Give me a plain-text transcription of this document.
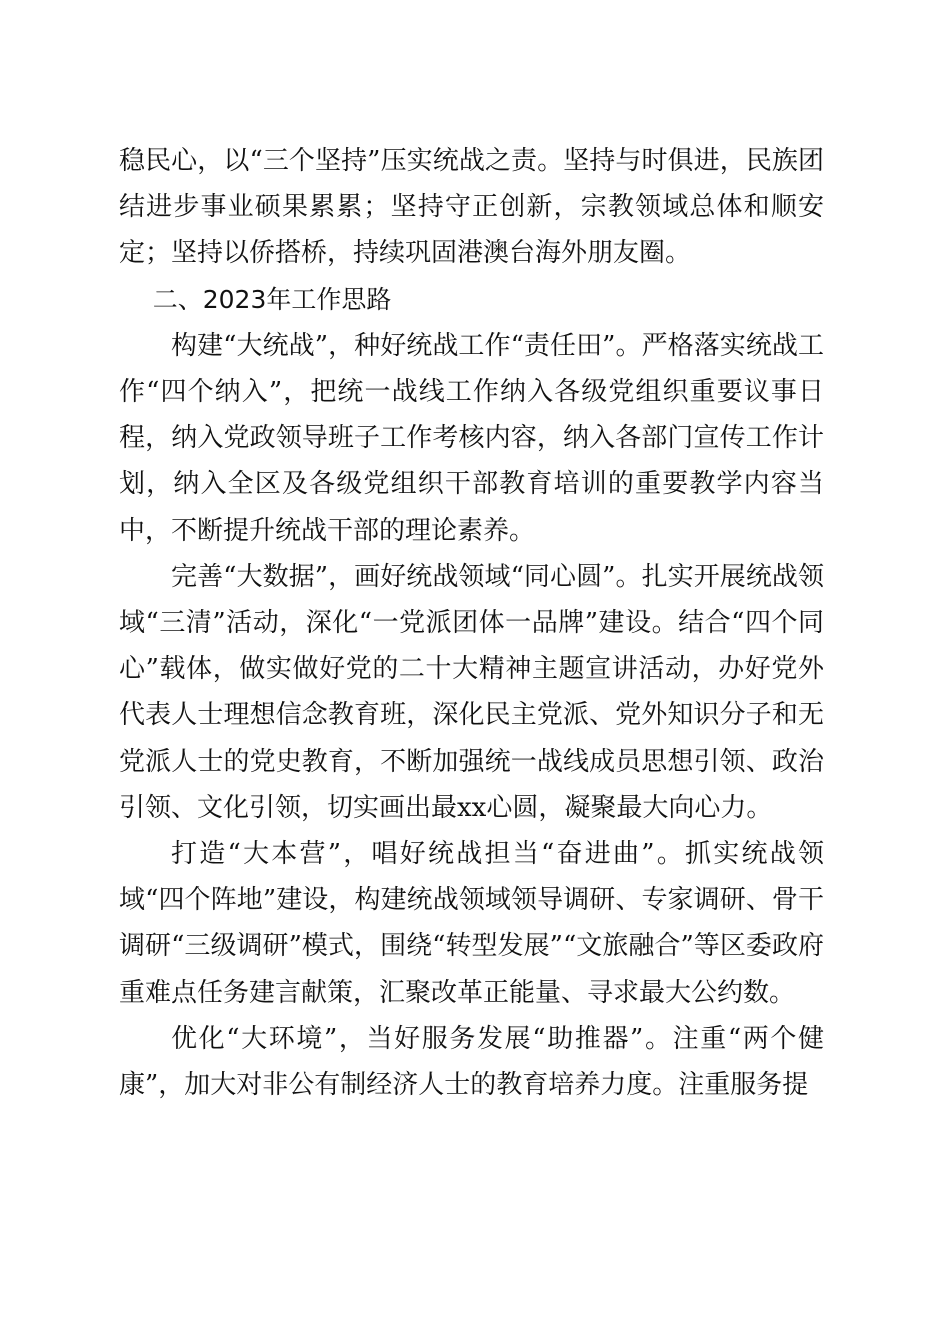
稳民心，以“三个坚持”压实统战之责。坚持与时俱进，民族团结进步事业硕果累累；坚持守正创新，宗教领域总体和顺安定；坚持以侨搭桥，持续巩固港澳台海外朋友圈。

二、2023年工作思路

构建“大统战”，种好统战工作“责任田”。严格落实统战工作“四个纳入”，把统一战线工作纳入各级党组织重要议事日程，纳入党政领导班子工作考核内容，纳入各部门宣传工作计划，纳入全区及各级党组织干部教育培训的重要教学内容当中，不断提升统战干部的理论素养。

完善“大数据”，画好统战领域“同心圆”。扎实开展统战领域“三清”活动，深化“一党派团体一品牌”建设。结合“四个同心”载体，做实做好党的二十大精神主题宣讲活动，办好党外代表人士理想信念教育班，深化民主党派、党外知识分子和无党派人士的党史教育，不断加强统一战线成员思想引领、政治引领、文化引领，切实画出最xx心圆，凝聚最大向心力。

打造“大本营”，唱好统战担当“奋进曲”。抓实统战领域“四个阵地”建设，构建统战领域领导调研、专家调研、骨干调研“三级调研”模式，围绕“转型发展”“文旅融合”等区委政府重难点任务建言献策，汇聚改革正能量、寻求最大公约数。

优化“大环境”，当好服务发展“助推器”。注重“两个健康”，加大对非公有制经济人士的教育培养力度。注重服务提
